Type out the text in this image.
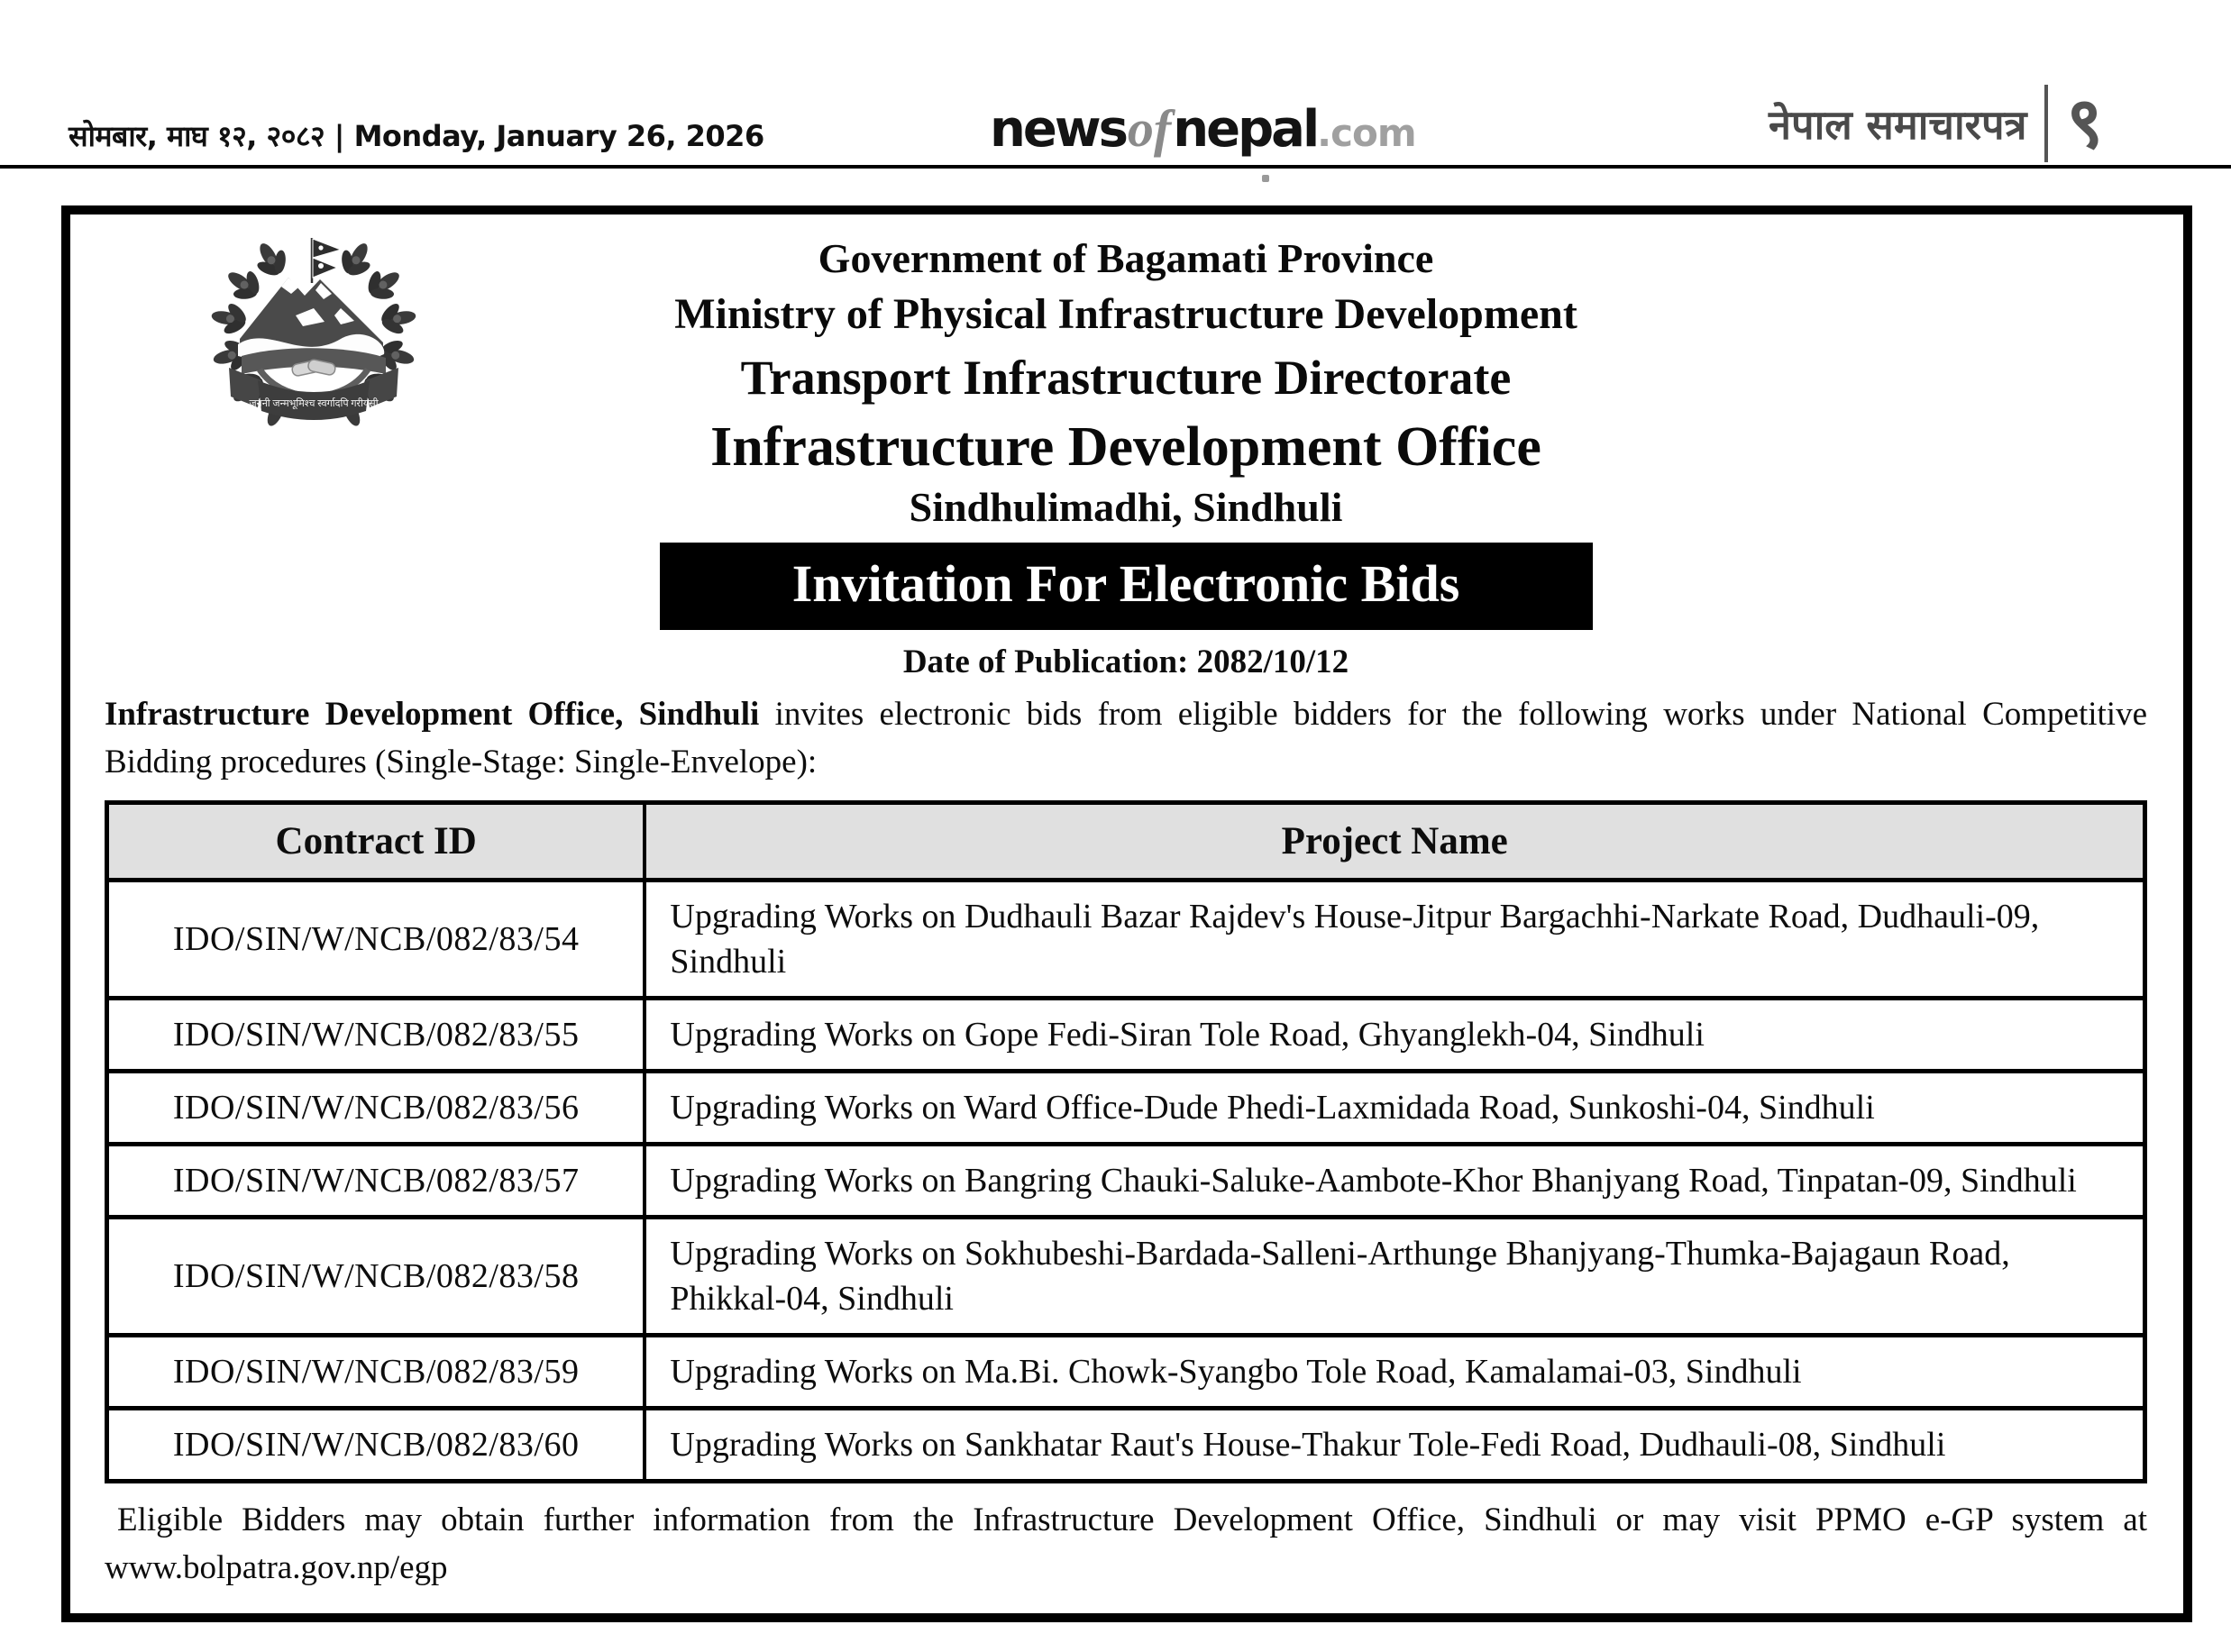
सोमबार, माघ १२, २०८२ | Monday, January 26, 2026	news of nepal .com	नेपाल समाचारपत्र ९
जननी जन्मभूमिश्च स्वर्गादपि गरीयसी
Government of Bagamati Province
Ministry of Physical Infrastructure Development
Transport Infrastructure Directorate
Infrastructure Development Office
Sindhulimadhi, Sindhuli
Invitation For Electronic Bids
Date of Publication: 2082/10/12

Infrastructure Development Office, Sindhuli invites electronic bids from eligible bidders for the following works under National Competitive Bidding procedures (Single-Stage: Single-Envelope):

Contract ID	Project Name
IDO/SIN/W/NCB/082/83/54	Upgrading Works on Dudhauli Bazar Rajdev's House-Jitpur Bargachhi-Narkate Road, Dudhauli-09, Sindhuli
IDO/SIN/W/NCB/082/83/55	Upgrading Works on Gope Fedi-Siran Tole Road, Ghyanglekh-04, Sindhuli
IDO/SIN/W/NCB/082/83/56	Upgrading Works on Ward Office-Dude Phedi-Laxmidada Road, Sunkoshi-04, Sindhuli
IDO/SIN/W/NCB/082/83/57	Upgrading Works on Bangring Chauki-Saluke-Aambote-Khor Bhanjyang Road, Tinpatan-09, Sindhuli
IDO/SIN/W/NCB/082/83/58	Upgrading Works on Sokhubeshi-Bardada-Salleni-Arthunge Bhanjyang-Thumka-Bajagaun Road, Phikkal-04, Sindhuli
IDO/SIN/W/NCB/082/83/59	Upgrading Works on Ma.Bi. Chowk-Syangbo Tole Road, Kamalamai-03, Sindhuli
IDO/SIN/W/NCB/082/83/60	Upgrading Works on Sankhatar Raut's House-Thakur Tole-Fedi Road, Dudhauli-08, Sindhuli

Eligible Bidders may obtain further information from the Infrastructure Development Office, Sindhuli or may visit PPMO e-GP system at www.bolpatra.gov.np/egp
